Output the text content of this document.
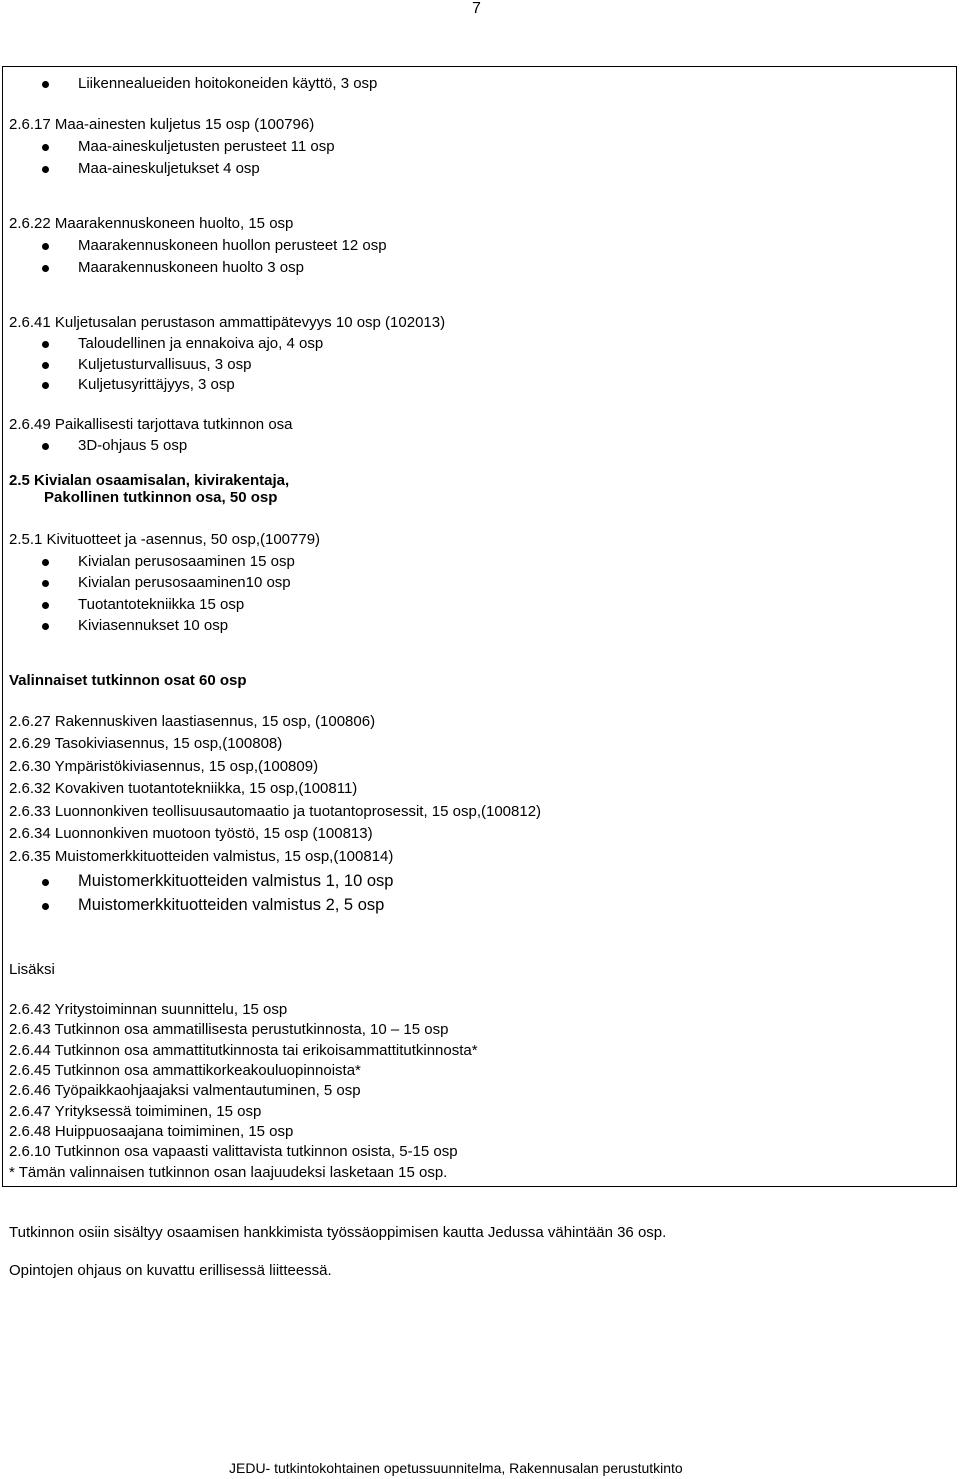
7
Liikennealueiden hoitokoneiden käyttö, 3 osp
2.6.17 Maa-ainesten kuljetus 15 osp (100796)
Maa-aineskuljetusten perusteet 11 osp
Maa-aineskuljetukset 4 osp
2.6.22 Maarakennuskoneen huolto, 15 osp
Maarakennuskoneen huollon perusteet 12 osp
Maarakennuskoneen huolto 3 osp
2.6.41 Kuljetusalan perustason ammattipätevyys 10 osp (102013)
Taloudellinen ja ennakoiva ajo, 4 osp
Kuljetusturvallisuus, 3 osp
Kuljetusyrittäjyys, 3 osp
2.6.49 Paikallisesti tarjottava tutkinnon osa
3D-ohjaus 5 osp
2.5 Kivialan osaamisalan, kivirakentaja,
Pakollinen tutkinnon osa, 50 osp
2.5.1 Kivituotteet ja -asennus, 50 osp,(100779)
Kivialan perusosaaminen 15 osp
Kivialan perusosaaminen10 osp
Tuotantotekniikka 15 osp
Kiviasennukset 10 osp
Valinnaiset tutkinnon osat 60 osp
2.6.27 Rakennuskiven laastiasennus, 15 osp, (100806)
2.6.29 Tasokiviasennus, 15 osp,(100808)
2.6.30 Ympäristökiviasennus, 15 osp,(100809)
2.6.32 Kovakiven tuotantotekniikka, 15 osp,(100811)
2.6.33 Luonnonkiven teollisuusautomaatio ja tuotantoprosessit, 15 osp,(100812)
2.6.34 Luonnonkiven muotoon työstö, 15 osp (100813)
2.6.35 Muistomerkkituotteiden valmistus, 15 osp,(100814)
Muistomerkkituotteiden valmistus 1, 10 osp
Muistomerkkituotteiden valmistus 2, 5 osp
Lisäksi
2.6.42 Yritystoiminnan suunnittelu, 15 osp
2.6.43 Tutkinnon osa ammatillisesta perustutkinnosta, 10 – 15 osp
2.6.44 Tutkinnon osa ammattitutkinnosta tai erikoisammattitutkinnosta*
2.6.45 Tutkinnon osa ammattikorkeakouluopinnoista*
2.6.46 Työpaikkaohjaajaksi valmentautuminen, 5 osp
2.6.47 Yrityksessä toimiminen, 15 osp
2.6.48 Huippuosaajana toimiminen, 15 osp
2.6.10 Tutkinnon osa vapaasti valittavista tutkinnon osista, 5-15 osp
* Tämän valinnaisen tutkinnon osan laajuudeksi lasketaan 15 osp.
Tutkinnon osiin sisältyy osaamisen hankkimista työssäoppimisen kautta Jedussa vähintään 36 osp.
Opintojen ohjaus on kuvattu erillisessä liitteessä.
JEDU- tutkintokohtainen opetussuunnitelma, Rakennusalan perustutkinto
